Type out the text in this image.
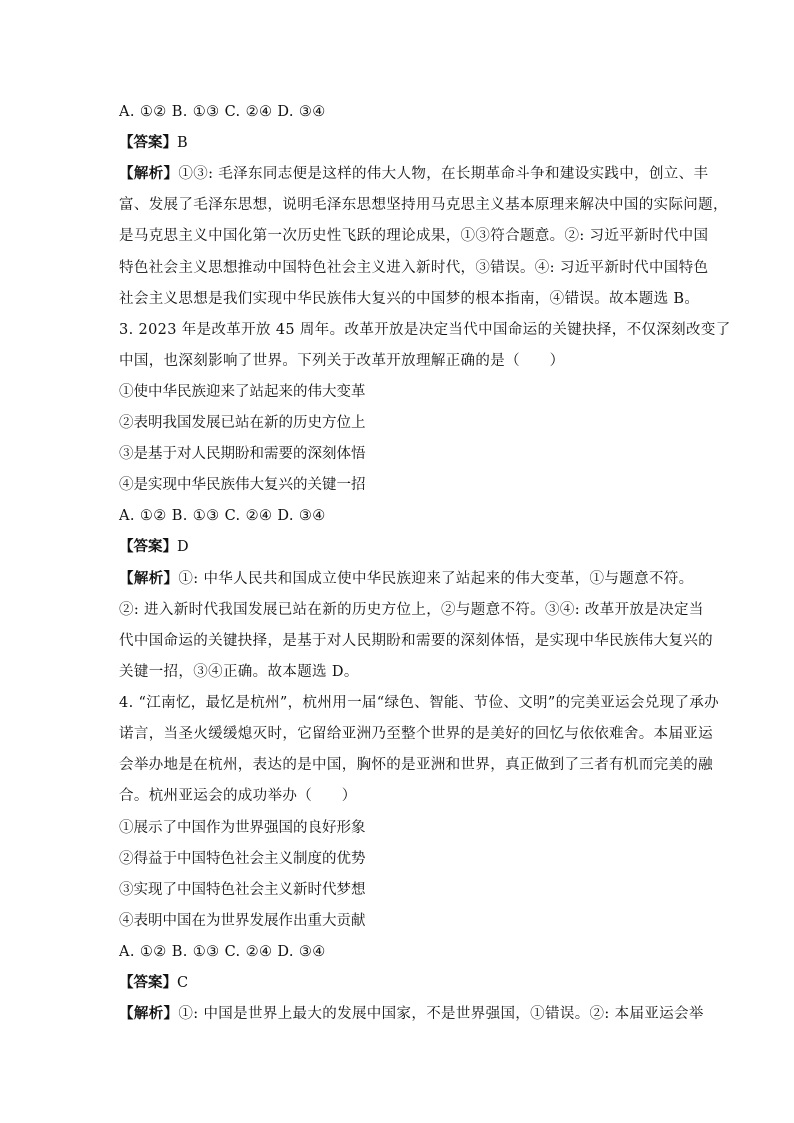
A. ①② B. ①③ C. ②④ D. ③④
【答案】B
【解析】①③: 毛泽东同志便是这样的伟大人物，在长期革命斗争和建设实践中，创立、丰
富、发展了毛泽东思想，说明毛泽东思想坚持用马克思主义基本原理来解决中国的实际问题，
是马克思主义中国化第一次历史性飞跃的理论成果，①③符合题意。②: 习近平新时代中国
特色社会主义思想推动中国特色社会主义进入新时代，③错误。④: 习近平新时代中国特色
社会主义思想是我们实现中华民族伟大复兴的中国梦的根本指南，④错误。故本题选 B。
3. 2023 年是改革开放 45 周年。改革开放是决定当代中国命运的关键抉择，不仅深刻改变了
中国，也深刻影响了世界。下列关于改革开放理解正确的是（　　）
①使中华民族迎来了站起来的伟大变革
②表明我国发展已站在新的历史方位上
③是基于对人民期盼和需要的深刻体悟
④是实现中华民族伟大复兴的关键一招
A. ①② B. ①③ C. ②④ D. ③④
【答案】D
【解析】①: 中华人民共和国成立使中华民族迎来了站起来的伟大变革，①与题意不符。
②: 进入新时代我国发展已站在新的历史方位上，②与题意不符。③④: 改革开放是决定当
代中国命运的关键抉择，是基于对人民期盼和需要的深刻体悟，是实现中华民族伟大复兴的
关键一招，③④正确。故本题选 D。
4. “江南忆，最忆是杭州”，杭州用一届“绿色、智能、节俭、文明”的完美亚运会兑现了承办
诺言，当圣火缓缓熄灭时，它留给亚洲乃至整个世界的是美好的回忆与依依难舍。本届亚运
会举办地是在杭州，表达的是中国，胸怀的是亚洲和世界，真正做到了三者有机而完美的融
合。杭州亚运会的成功举办（　　）
①展示了中国作为世界强国的良好形象
②得益于中国特色社会主义制度的优势
③实现了中国特色社会主义新时代梦想
④表明中国在为世界发展作出重大贡献
A. ①② B. ①③ C. ②④ D. ③④
【答案】C
【解析】①: 中国是世界上最大的发展中国家，不是世界强国，①错误。②: 本届亚运会举
